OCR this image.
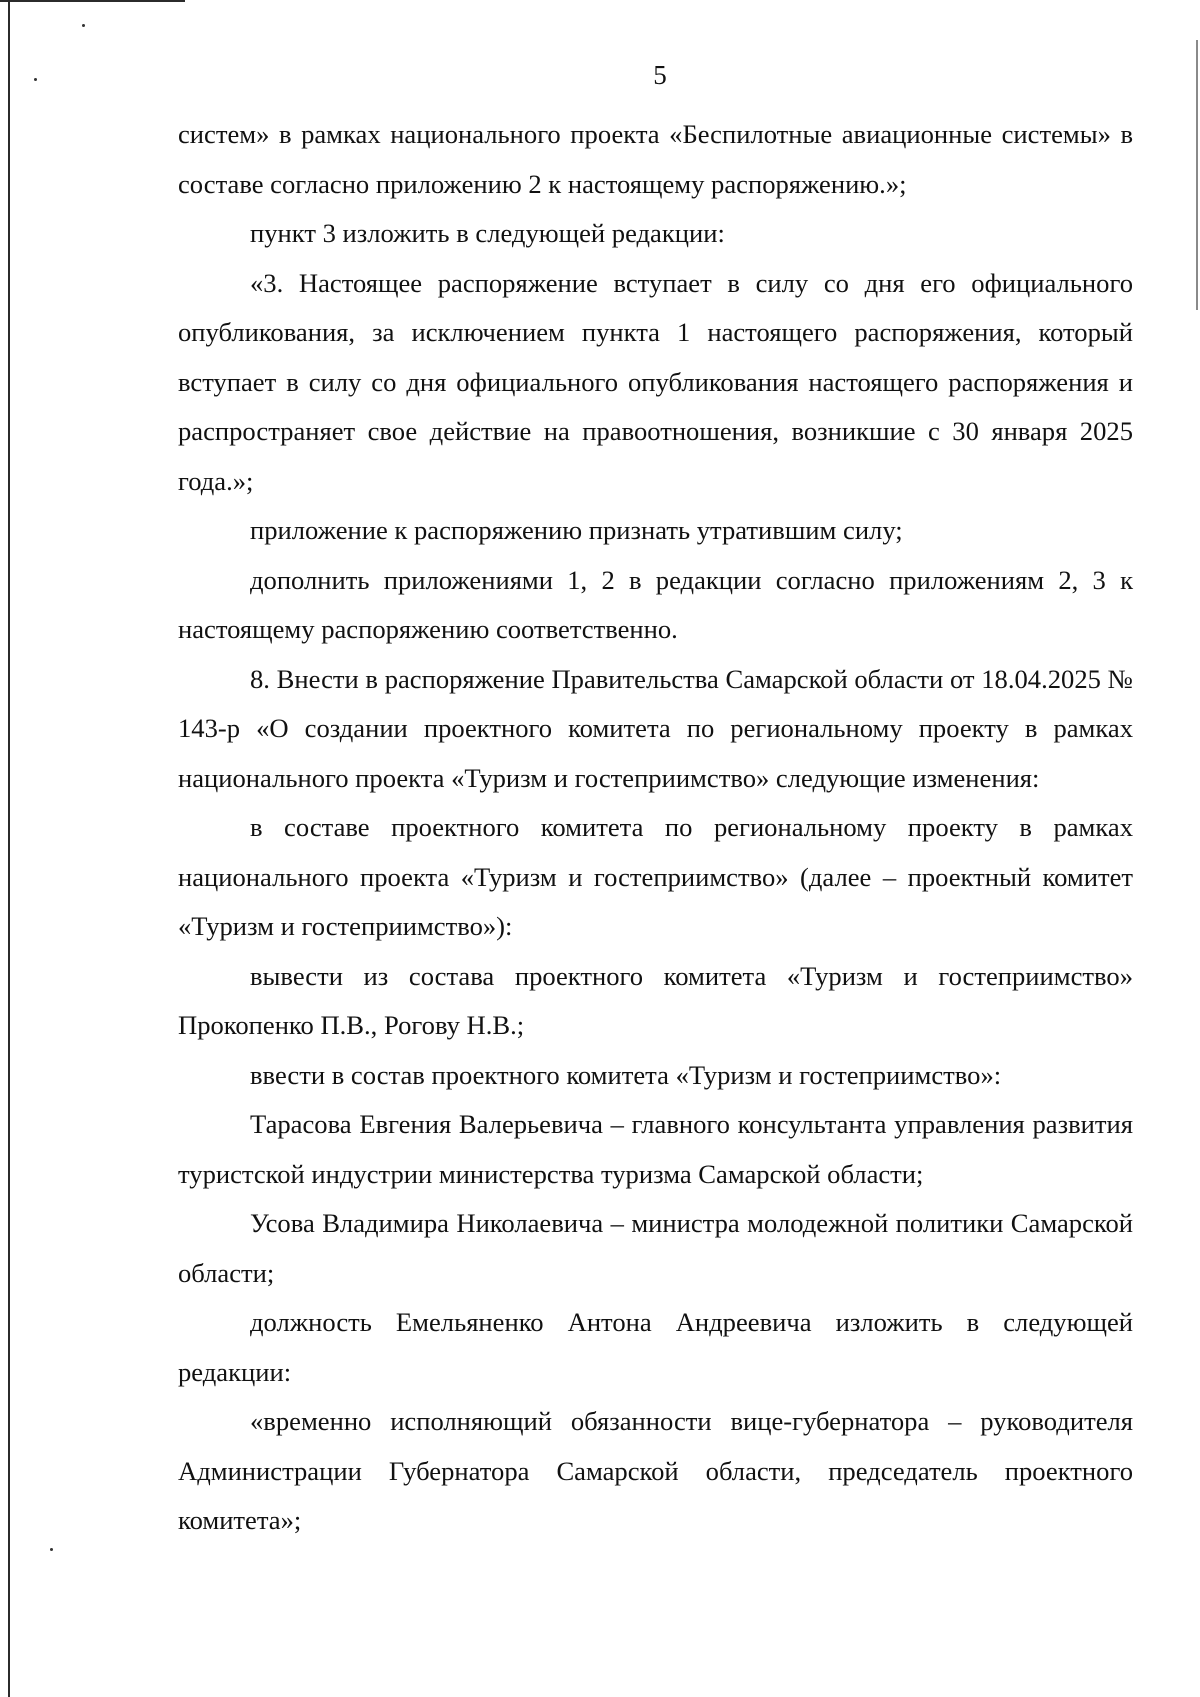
5

систем» в рамках национального проекта «Беспилотные авиационные системы» в составе согласно приложению 2 к настоящему распоряжению.»;

пункт 3 изложить в следующей редакции:

«3. Настоящее распоряжение вступает в силу со дня его официального опубликования, за исключением пункта 1 настоящего распоряжения, который вступает в силу со дня официального опубликования настоящего распоряжения и распространяет свое действие на правоотношения, возникшие с 30 января 2025 года.»;

приложение к распоряжению признать утратившим силу;

дополнить приложениями 1, 2 в редакции согласно приложениям 2, 3 к настоящему распоряжению соответственно.

8. Внести в распоряжение Правительства Самарской области от 18.04.2025 № 143-р «О создании проектного комитета по региональному проекту в рамках национального проекта «Туризм и гостеприимство» следующие изменения:

в составе проектного комитета по региональному проекту в рамках национального проекта «Туризм и гостеприимство» (далее – проектный комитет «Туризм и гостеприимство»):

вывести из состава проектного комитета «Туризм и гостеприимство» Прокопенко П.В., Рогову Н.В.;

ввести в состав проектного комитета «Туризм и гостеприимство»:

Тарасова Евгения Валерьевича – главного консультанта управления развития туристской индустрии министерства туризма Самарской области;

Усова Владимира Николаевича – министра молодежной политики Самарской области;

должность Емельяненко Антона Андреевича изложить в следующей редакции:

«временно исполняющий обязанности вице-губернатора – руководителя Администрации Губернатора Самарской области, председатель проектного комитета»;
